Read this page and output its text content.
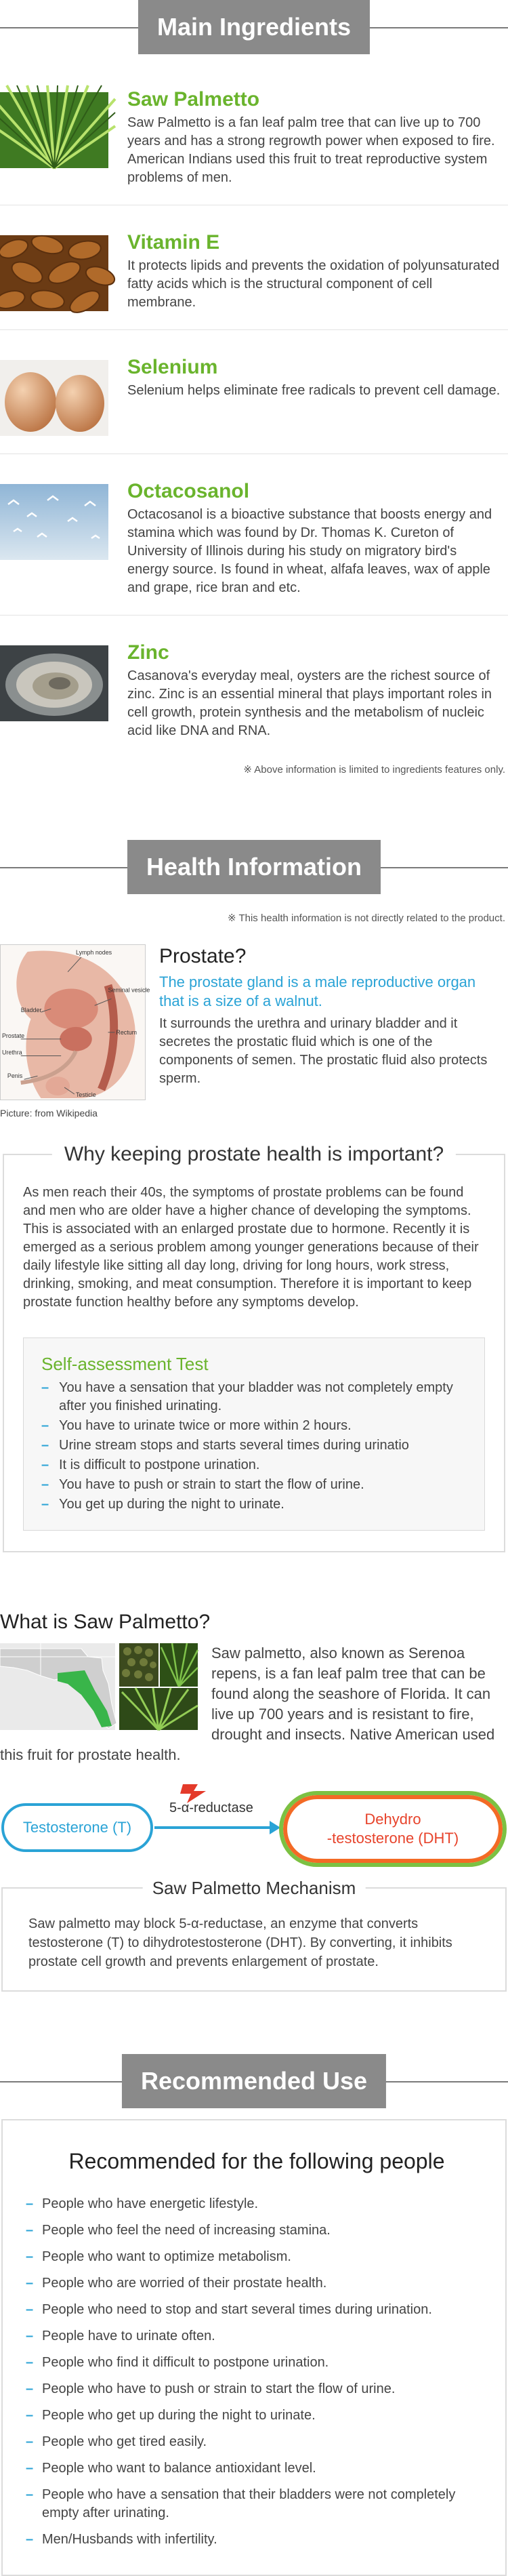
Main Ingredients
Saw Palmetto
Saw Palmetto is a fan leaf palm tree that can live up to 700 years and has a strong regrowth power when exposed to fire. American Indians used this fruit to treat reproductive system problems of men.
Vitamin E
It protects lipids and prevents the oxidation of polyunsaturated fatty acids which is the structural component of cell membrane.
Selenium
Selenium helps eliminate free radicals to prevent cell damage.
Octacosanol
Octacosanol is a bioactive substance that boosts energy and stamina which was found by Dr. Thomas K. Cureton of University of Illinois during his study on migratory bird's energy source. Is found in wheat, alfafa leaves, wax of apple and grape, rice bran and etc.
Zinc
Casanova's everyday meal, oysters are the richest source of zinc. Zinc is an essential mineral that plays important roles in cell growth, protein synthesis and the metabolism of nucleic acid like DNA and RNA.
※ Above information is limited to ingredients features only.
Health Information
※ This health information is not directly related to the product.
Lymph nodes
Seminal vesicle
Bladder
Rectum
Prostate
Urethra
Penis
Testicle
Picture: from Wikipedia
Prostate?
The prostate gland is a male reproductive organ that is a size of a walnut.
It surrounds the urethra and urinary bladder and it secretes the prostatic fluid which is one of the components of semen. The prostatic fluid also protects sperm.
Why keeping prostate health is important?
As men reach their 40s, the symptoms of prostate problems can be found and men who are older have a higher chance of developing the symptoms. This is associated with an enlarged prostate due to hormone. Recently it is emerged as a serious problem among younger generations because of their daily lifestyle like sitting all day long, driving for long hours, work stress, drinking, smoking, and meat consumption. Therefore it is important to keep prostate function healthy before any symptoms develop.
Self-assessment Test
– You have a sensation that your bladder was not completely empty after you finished urinating.
– You have to urinate twice or more within 2 hours.
– Urine stream stops and starts several times during urinatio
– It is difficult to postpone urination.
– You have to push or strain to start the flow of urine.
– You get up during the night to urinate.
What is Saw Palmetto?
Saw palmetto, also known as Serenoa repens, is a fan leaf palm tree that can be found along the seashore of Florida. It can live up 700 years and is resistant to fire, drought and insects. Native American used this fruit for prostate health.
Testosterone (T)
5-α-reductase
Dehydro
-testosterone (DHT)
Saw Palmetto Mechanism
Saw palmetto may block 5-α-reductase, an enzyme that converts testosterone (T) to dihydrotestosterone (DHT). By converting, it inhibits prostate cell growth and prevents enlargement of prostate.
Recommended Use
Recommended for the following people
– People who have energetic lifestyle.
– People who feel the need of increasing stamina.
– People who want to optimize metabolism.
– People who are worried of their prostate health.
– People who need to stop and start several times during urination.
– People have to urinate often.
– People who find it difficult to postpone urination.
– People who have to push or strain to start the flow of urine.
– People who get up during the night to urinate.
– People who get tired easily.
– People who want to balance antioxidant level.
– People who have a sensation that their bladders were not completely empty after urinating.
– Men/Husbands with infertility.
